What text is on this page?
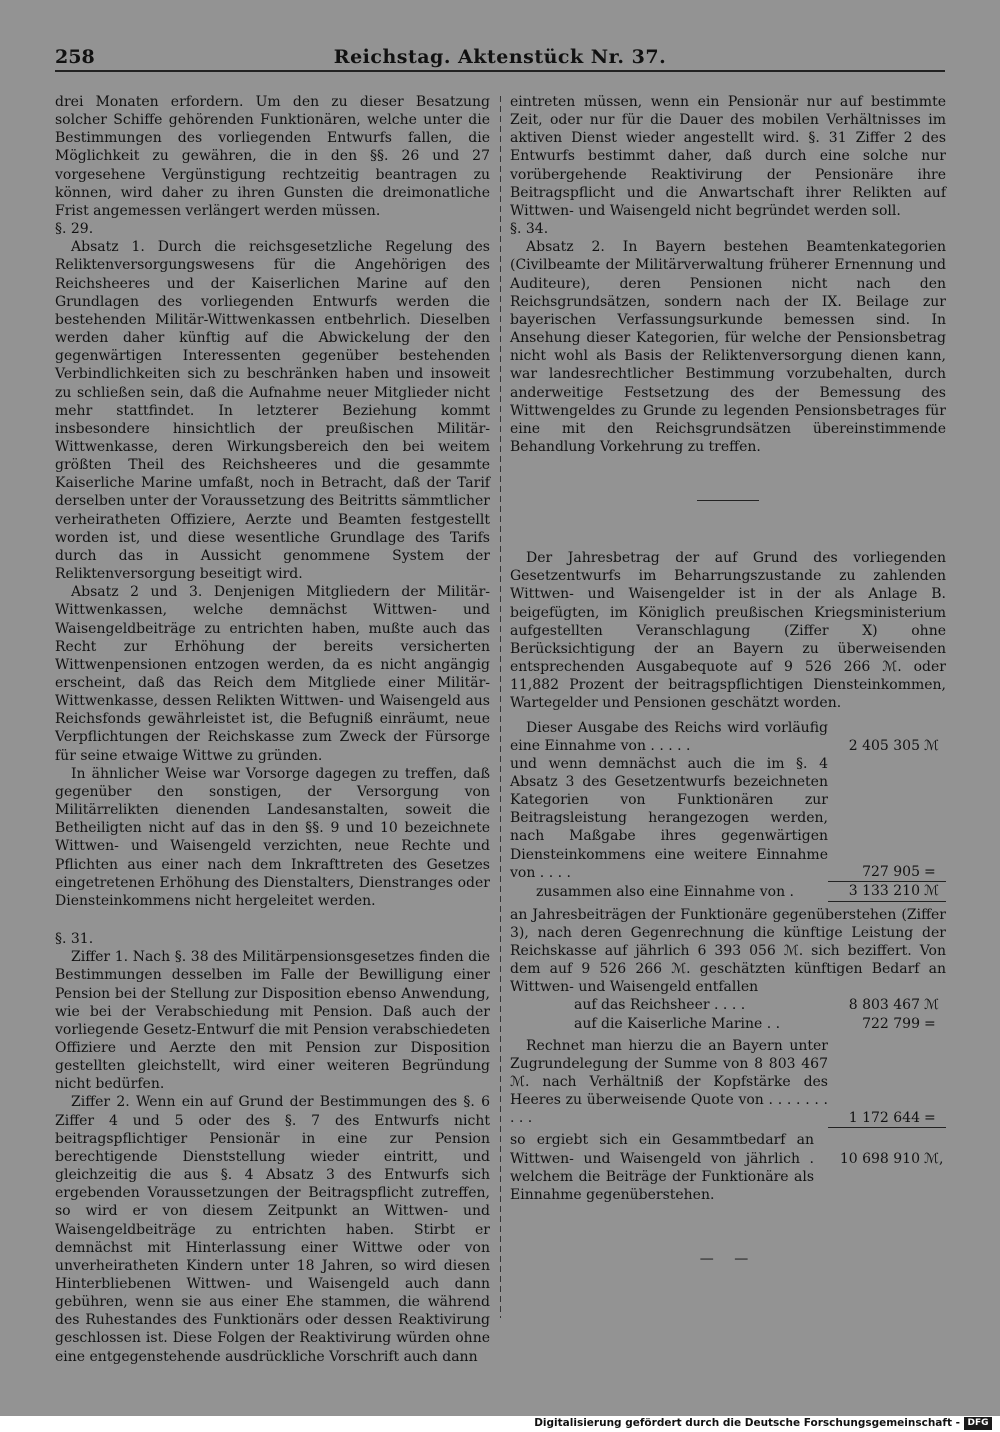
258	Reichstag. Aktenstück Nr. 37.

drei Monaten erfordern. Um den zu dieser Besatzung solcher Schiffe gehörenden Funktionären, welche unter die Bestimmungen des vorliegenden Entwurfs fallen, die Möglichkeit zu gewähren, die in den §§. 26 und 27 vorgesehene Vergünstigung rechtzeitig beantragen zu können, wird daher zu ihren Gunsten die dreimonatliche Frist angemessen verlängert werden müssen.

§. 29.

Absatz 1. Durch die reichsgesetzliche Regelung des Reliktenversorgungswesens für die Angehörigen des Reichsheeres und der Kaiserlichen Marine auf den Grundlagen des vorliegenden Entwurfs werden die bestehenden Militär-Wittwenkassen entbehrlich. Dieselben werden daher künftig auf die Abwickelung der den gegenwärtigen Interessenten gegenüber bestehenden Verbindlichkeiten sich zu beschränken haben und insoweit zu schließen sein, daß die Aufnahme neuer Mitglieder nicht mehr stattfindet. In letzterer Beziehung kommt insbesondere hinsichtlich der preußischen Militär-Wittwenkasse, deren Wirkungsbereich den bei weitem größten Theil des Reichsheeres und die gesammte Kaiserliche Marine umfaßt, noch in Betracht, daß der Tarif derselben unter der Voraussetzung des Beitritts sämmtlicher verheiratheten Offiziere, Aerzte und Beamten festgestellt worden ist, und diese wesentliche Grundlage des Tarifs durch das in Aussicht genommene System der Reliktenversorgung beseitigt wird.

Absatz 2 und 3. Denjenigen Mitgliedern der Militär-Wittwenkassen, welche demnächst Wittwen- und Waisengeldbeiträge zu entrichten haben, mußte auch das Recht zur Erhöhung der bereits versicherten Wittwenpensionen entzogen werden, da es nicht angängig erscheint, daß das Reich dem Mitgliede einer Militär-Wittwenkasse, dessen Relikten Wittwen- und Waisengeld aus Reichsfonds gewährleistet ist, die Befugniß einräumt, neue Verpflichtungen der Reichskasse zum Zweck der Fürsorge für seine etwaige Wittwe zu gründen.

In ähnlicher Weise war Vorsorge dagegen zu treffen, daß gegenüber den sonstigen, der Versorgung von Militärrelikten dienenden Landesanstalten, soweit die Betheiligten nicht auf das in den §§. 9 und 10 bezeichnete Wittwen- und Waisengeld verzichten, neue Rechte und Pflichten aus einer nach dem Inkrafttreten des Gesetzes eingetretenen Erhöhung des Dienstalters, Dienstranges oder Diensteinkommens nicht hergeleitet werden.

§. 31.

Ziffer 1. Nach §. 38 des Militärpensionsgesetzes finden die Bestimmungen desselben im Falle der Bewilligung einer Pension bei der Stellung zur Disposition ebenso Anwendung, wie bei der Verabschiedung mit Pension. Daß auch der vorliegende Gesetz-Entwurf die mit Pension verabschiedeten Offiziere und Aerzte den mit Pension zur Disposition gestellten gleichstellt, wird einer weiteren Begründung nicht bedürfen.

Ziffer 2. Wenn ein auf Grund der Bestimmungen des §. 6 Ziffer 4 und 5 oder des §. 7 des Entwurfs nicht beitragspflichtiger Pensionär in eine zur Pension berechtigende Dienststellung wieder eintritt, und gleichzeitig die aus §. 4 Absatz 3 des Entwurfs sich ergebenden Voraussetzungen der Beitragspflicht zutreffen, so wird er von diesem Zeitpunkt an Wittwen- und Waisengeldbeiträge zu entrichten haben. Stirbt er demnächst mit Hinterlassung einer Wittwe oder von unverheiratheten Kindern unter 18 Jahren, so wird diesen Hinterbliebenen Wittwen- und Waisengeld auch dann gebühren, wenn sie aus einer Ehe stammen, die während des Ruhestandes des Funktionärs oder dessen Reaktivirung geschlossen ist. Diese Folgen der Reaktivirung würden ohne eine entgegenstehende ausdrückliche Vorschrift auch dann

eintreten müssen, wenn ein Pensionär nur auf bestimmte Zeit, oder nur für die Dauer des mobilen Verhältnisses im aktiven Dienst wieder angestellt wird. §. 31 Ziffer 2 des Entwurfs bestimmt daher, daß durch eine solche nur vorübergehende Reaktivirung der Pensionäre ihre Beitragspflicht und die Anwartschaft ihrer Relikten auf Wittwen- und Waisengeld nicht begründet werden soll.

§. 34.

Absatz 2. In Bayern bestehen Beamtenkategorien (Civilbeamte der Militärverwaltung früherer Ernennung und Auditeure), deren Pensionen nicht nach den Reichsgrundsätzen, sondern nach der IX. Beilage zur bayerischen Verfassungsurkunde bemessen sind. In Ansehung dieser Kategorien, für welche der Pensionsbetrag nicht wohl als Basis der Reliktenversorgung dienen kann, war landesrechtlicher Bestimmung vorzubehalten, durch anderweitige Festsetzung des der Bemessung des Wittwengeldes zu Grunde zu legenden Pensionsbetrages für eine mit den Reichsgrundsätzen übereinstimmende Behandlung Vorkehrung zu treffen.

Der Jahresbetrag der auf Grund des vorliegenden Gesetzentwurfs im Beharrungszustande zu zahlenden Wittwen- und Waisengelder ist in der als Anlage B. beigefügten, im Königlich preußischen Kriegsministerium aufgestellten Veranschlagung (Ziffer X) ohne Berücksichtigung der an Bayern zu überweisenden entsprechenden Ausgabequote auf 9 526 266 ℳ. oder 11,882 Prozent der beitragspflichtigen Diensteinkommen, Wartegelder und Pensionen geschätzt worden.

Dieser Ausgabe des Reichs wird vorläufig eine Einnahme von . . . . .	2 405 305	ℳ
und wenn demnächst auch die im §. 4 Absatz 3 des Gesetzentwurfs bezeichneten Kategorien von Funktionären zur Beitragsleistung herangezogen werden, nach Maßgabe ihres gegenwärtigen Diensteinkommens eine weitere Einnahme von . . . .	727 905	=
zusammen also eine Einnahme von .	3 133 210	ℳ
an Jahresbeiträgen der Funktionäre gegenüberstehen (Ziffer 3), nach deren Gegenrechnung die künftige Leistung der Reichskasse auf jährlich 6 393 056 ℳ. sich beziffert. Von dem auf 9 526 266 ℳ. geschätzten künftigen Bedarf an Wittwen- und Waisengeld entfallen		
auf das Reichsheer . . . .	8 803 467	ℳ
auf die Kaiserliche Marine . .	722 799	=
Rechnet man hierzu die an Bayern unter Zugrundelegung der Summe von 8 803 467 ℳ. nach Verhältniß der Kopfstärke des Heeres zu überweisende Quote von . . . . . . . . . .	1 172 644	=
so ergiebt sich ein Gesammtbedarf an Wittwen- und Waisengeld von jährlich . welchem die Beiträge der Funktionäre als Einnahme gegenüberstehen.	10 698 910	ℳ,
— —
Digitalisierung gefördert durch die Deutsche Forschungsgemeinschaft - DFG
